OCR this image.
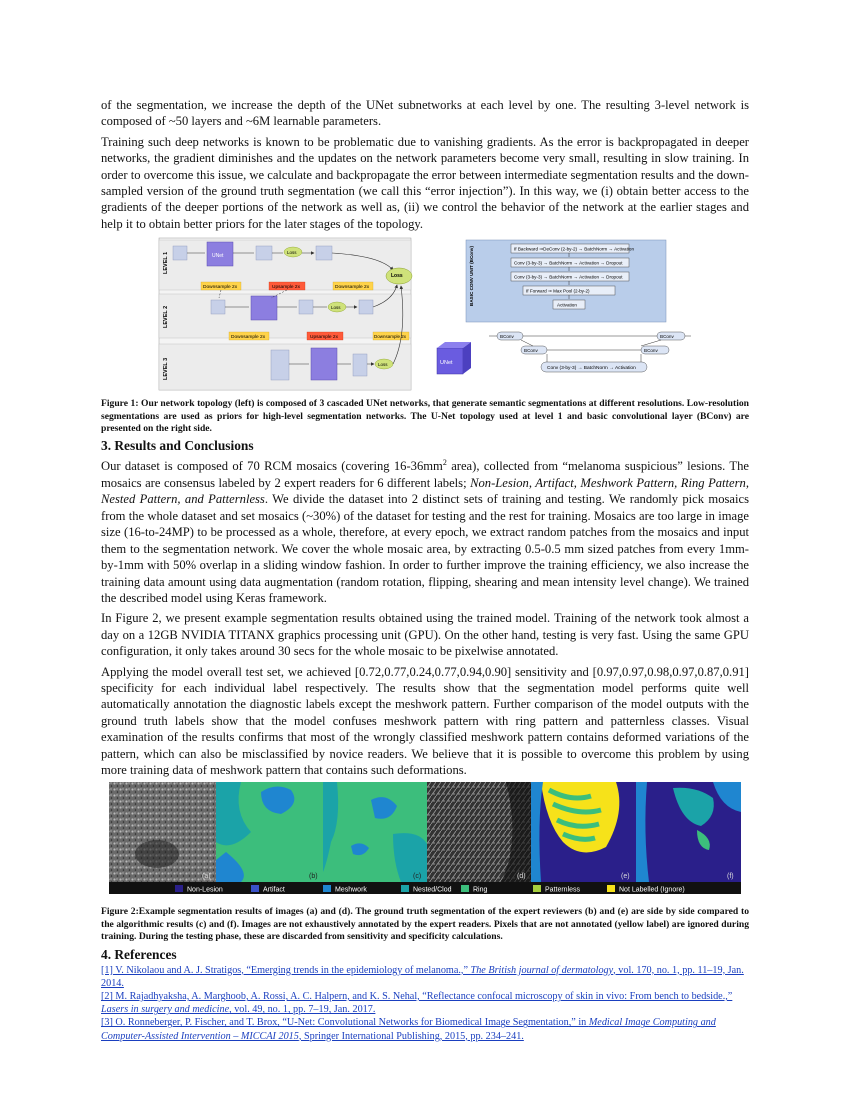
of the segmentation, we increase the depth of the UNet subnetworks at each level by one. The resulting 3-level network is composed of ~50 layers and ~6M learnable parameters.

Training such deep networks is known to be problematic due to vanishing gradients. As the error is backpropagated in deeper networks, the gradient diminishes and the updates on the network parameters become very small, resulting in slow training. In order to overcome this issue, we calculate and backpropagate the error between intermediate segmentation results and the down-sampled version of the ground truth segmentation (we call this “error injection”). In this way, we (i) obtain better access to the gradients of the deeper portions of the network as well as, (ii) we control the behavior of the network at the earlier stages and help it to obtain better priors for the later stages of the topology.

LEVEL 1
LEVEL 2
LEVEL 3
UNet
Loss
Loss
Downsample 2x	Upsample 2x	Downsample 2x
Loss
Downsample 2x	Upsample 2x	Downsample 2x
Loss
BASIC CONV UNIT (BConv)	If Backward ⇒DeConv (2-by-2) → BatchNorm → Activation
Conv (3-by-3) → BatchNorm → Activation → Dropout
Conv (3-by-3) → BatchNorm → Activation → Dropout
If Forward ⇒ Max Pool (2-by-2)
Activation
UNet
BConv	BConv
BConv	BConv
Conv (3-by-3) → BatchNorm → Activation
Figure 1: Our network topology (left) is composed of 3 cascaded UNet networks, that generate semantic segmentations at different resolutions. Low-resolution segmentations are used as priors for high-level segmentation networks. The U-Net topology used at level 1 and basic convolutional layer (BConv) are presented on the right side.
3. Results and Conclusions

Our dataset is composed of 70 RCM mosaics (covering $16-36mm^2$ area), collected from “melanoma suspicious” lesions. The mosaics are consensus labeled by 2 expert readers for 6 different labels; Non-Lesion, Artifact, Meshwork Pattern, Ring Pattern, Nested Pattern, and Patternless. We divide the dataset into 2 distinct sets of training and testing. We randomly pick mosaics from the whole dataset and set mosaics (~30%) of the dataset for testing and the rest for training. Mosaics are too large in image size (16-to-24MP) to be processed as a whole, therefore, at every epoch, we extract random patches from the mosaics and input them to the segmentation network. We cover the whole mosaic area, by extracting 0.5-0.5 mm sized patches from every 1mm-by-1mm with 50% overlap in a sliding window fashion. In order to further improve the training efficiency, we also increase the training data amount using data augmentation (random rotation, flipping, shearing and mean intensity level change). We trained the described model using Keras framework.

In Figure 2, we present example segmentation results obtained using the trained model. Training of the network took almost a day on a 12GB NVIDIA TITANX graphics processing unit (GPU). On the other hand, testing is very fast. Using the same GPU configuration, it only takes around 30 secs for the whole mosaic to be pixelwise annotated.

Applying the model overall test set, we achieved [0.72,0.77,0.24,0.77,0.94,0.90] sensitivity and [0.97,0.97,0.98,0.97,0.87,0.91] specificity for each individual label respectively. The results show that the segmentation model performs quite well automatically annotation the diagnostic labels except the meshwork pattern. Further comparison of the model outputs with the ground truth labels show that the model confuses meshwork pattern with ring pattern and patternless classes. Visual examination of the results confirms that most of the wrongly classified meshwork pattern contains deformed variations of the pattern, which can also be misclassified by novice readers. We believe that it is possible to overcome this problem by using more training data of meshwork pattern that contains such deformations.

(a)	(b)	(c)	(d)	(e)	(f)
Non-Lesion	Artifact	Meshwork	Nested/Clod	Ring	Patternless	Not Labelled (Ignore)
Figure 2:Example segmentation results of images (a) and (d). The ground truth segmentation of the expert reviewers (b) and (e) are side by side compared to the algorithmic results (c) and (f). Images are not exhaustively annotated by the expert readers. Pixels that are not annotated (yellow label) are ignored during training. During the testing phase, these are discarded from sensitivity and specificity calculations.
4. References

[1] V. Nikolaou and A. J. Stratigos, “Emerging trends in the epidemiology of melanoma.,” The British journal of dermatology, vol. 170, no. 1, pp. 11–19, Jan. 2014.

[2] M. Rajadhyaksha, A. Marghoob, A. Rossi, A. C. Halpern, and K. S. Nehal, “Reflectance confocal microscopy of skin in vivo: From bench to bedside.,” Lasers in surgery and medicine, vol. 49, no. 1, pp. 7–19, Jan. 2017.

[3] O. Ronneberger, P. Fischer, and T. Brox, “U-Net: Convolutional Networks for Biomedical Image Segmentation,” in Medical Image Computing and Computer-Assisted Intervention – MICCAI 2015, Springer International Publishing, 2015, pp. 234–241.
